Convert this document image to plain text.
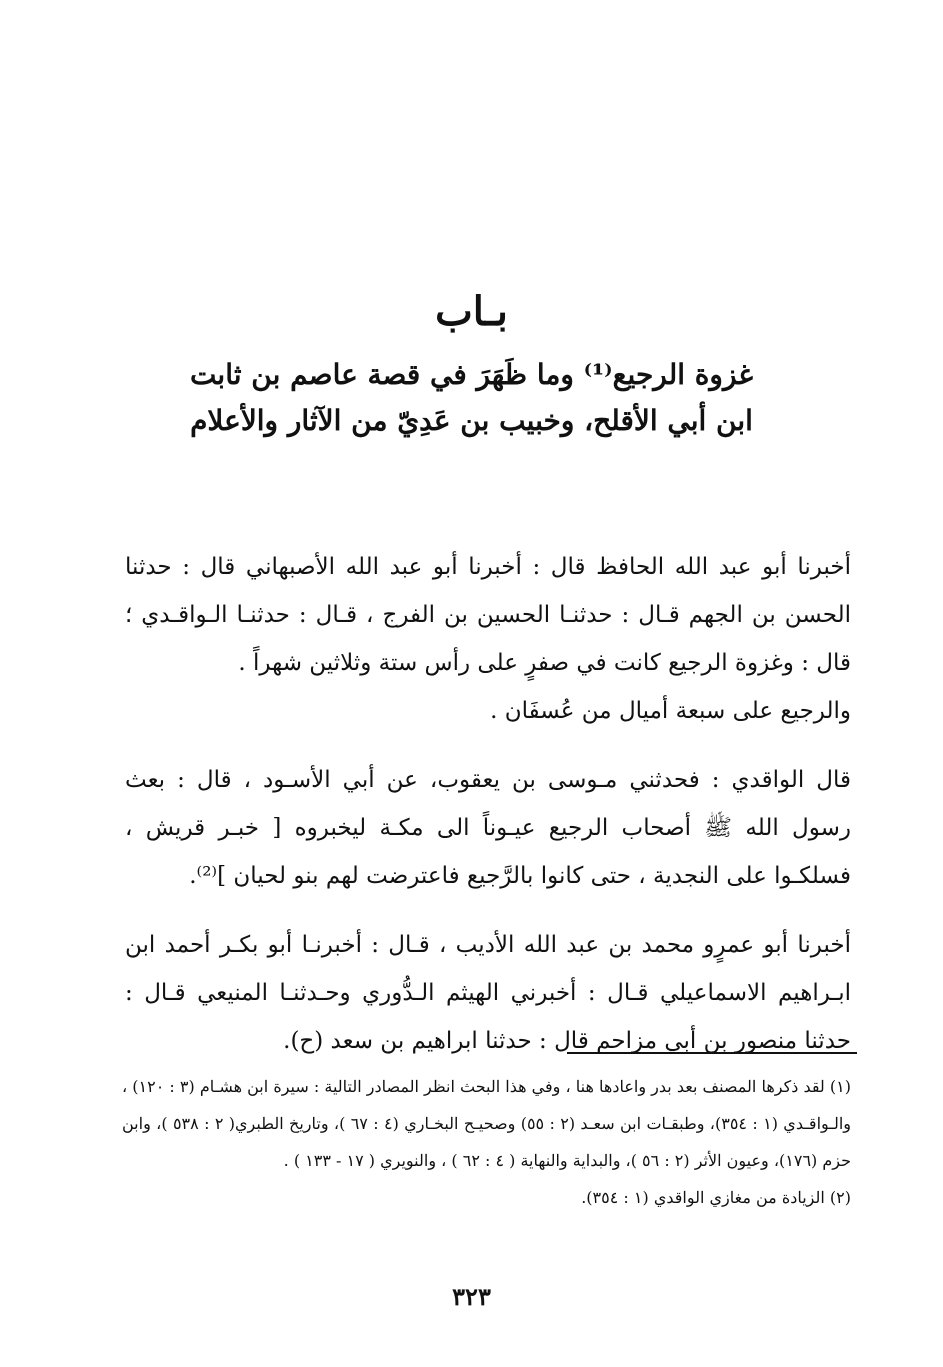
بـاب
غزوة الرجيع⁽¹⁾ وما ظَهَرَ في قصة عاصم بن ثابت
ابن أبي الأقلح، وخبيب بن عَدِيّ من الآثار والأعلام

أخبرنا أبو عبد الله الحافظ قال : أخبرنا أبو عبد الله الأصبهاني قال : حدثنا الحسن بن الجهم قـال : حدثنـا الحسين بن الفرج ، قـال : حدثنـا الـواقـدي ؛ قال : وغزوة الرجيع كانت في صفرٍ على رأس ستة وثلاثين شهراً .

والرجيع على سبعة أميال من عُسفَان .

قال الواقدي : فحدثني مـوسى بن يعقوب، عن أبي الأسـود ، قال : بعث رسول الله ﷺ أصحاب الرجيع عيـوناً الى مكـة ليخبروه [ خبـر قريش ، فسلكـوا على النجدية ، حتى كانوا بالرَّجيع فاعترضت لهم بنو لحيان ]⁽²⁾.

أخبرنا أبو عمرٍو محمد بن عبد الله الأديب ، قـال : أخبرنـا أبو بكـر أحمد ابن ابـراهيم الاسماعيلي قـال : أخبرني الهيثم الـدُّوري وحـدثنـا المنيعي قـال : حدثنا منصور بن أبي مزاحم قال : حدثنا ابراهيم بن سعد (ح).

(١) لقد ذكرها المصنف بعد بدر واعادها هنا ، وفي هذا البحث انظر المصادر التالية : سيرة ابن هشـام (٣ : ١٢٠) ، والـواقـدي (١ : ٣٥٤)، وطبقـات ابن سعـد (٢ : ٥٥) وصحيـح البخـاري (٤ : ٦٧ )، وتاريخ الطبري( ٢ : ٥٣٨ )، وابن حزم (١٧٦)، وعيون الأثر (٢ : ٥٦ )، والبداية والنهاية ( ٤ : ٦٢ ) ، والنويري ( ١٧ - ١٣٣ ) .

(٢) الزيادة من مغازي الواقدي (١ : ٣٥٤).

٣٢٣
